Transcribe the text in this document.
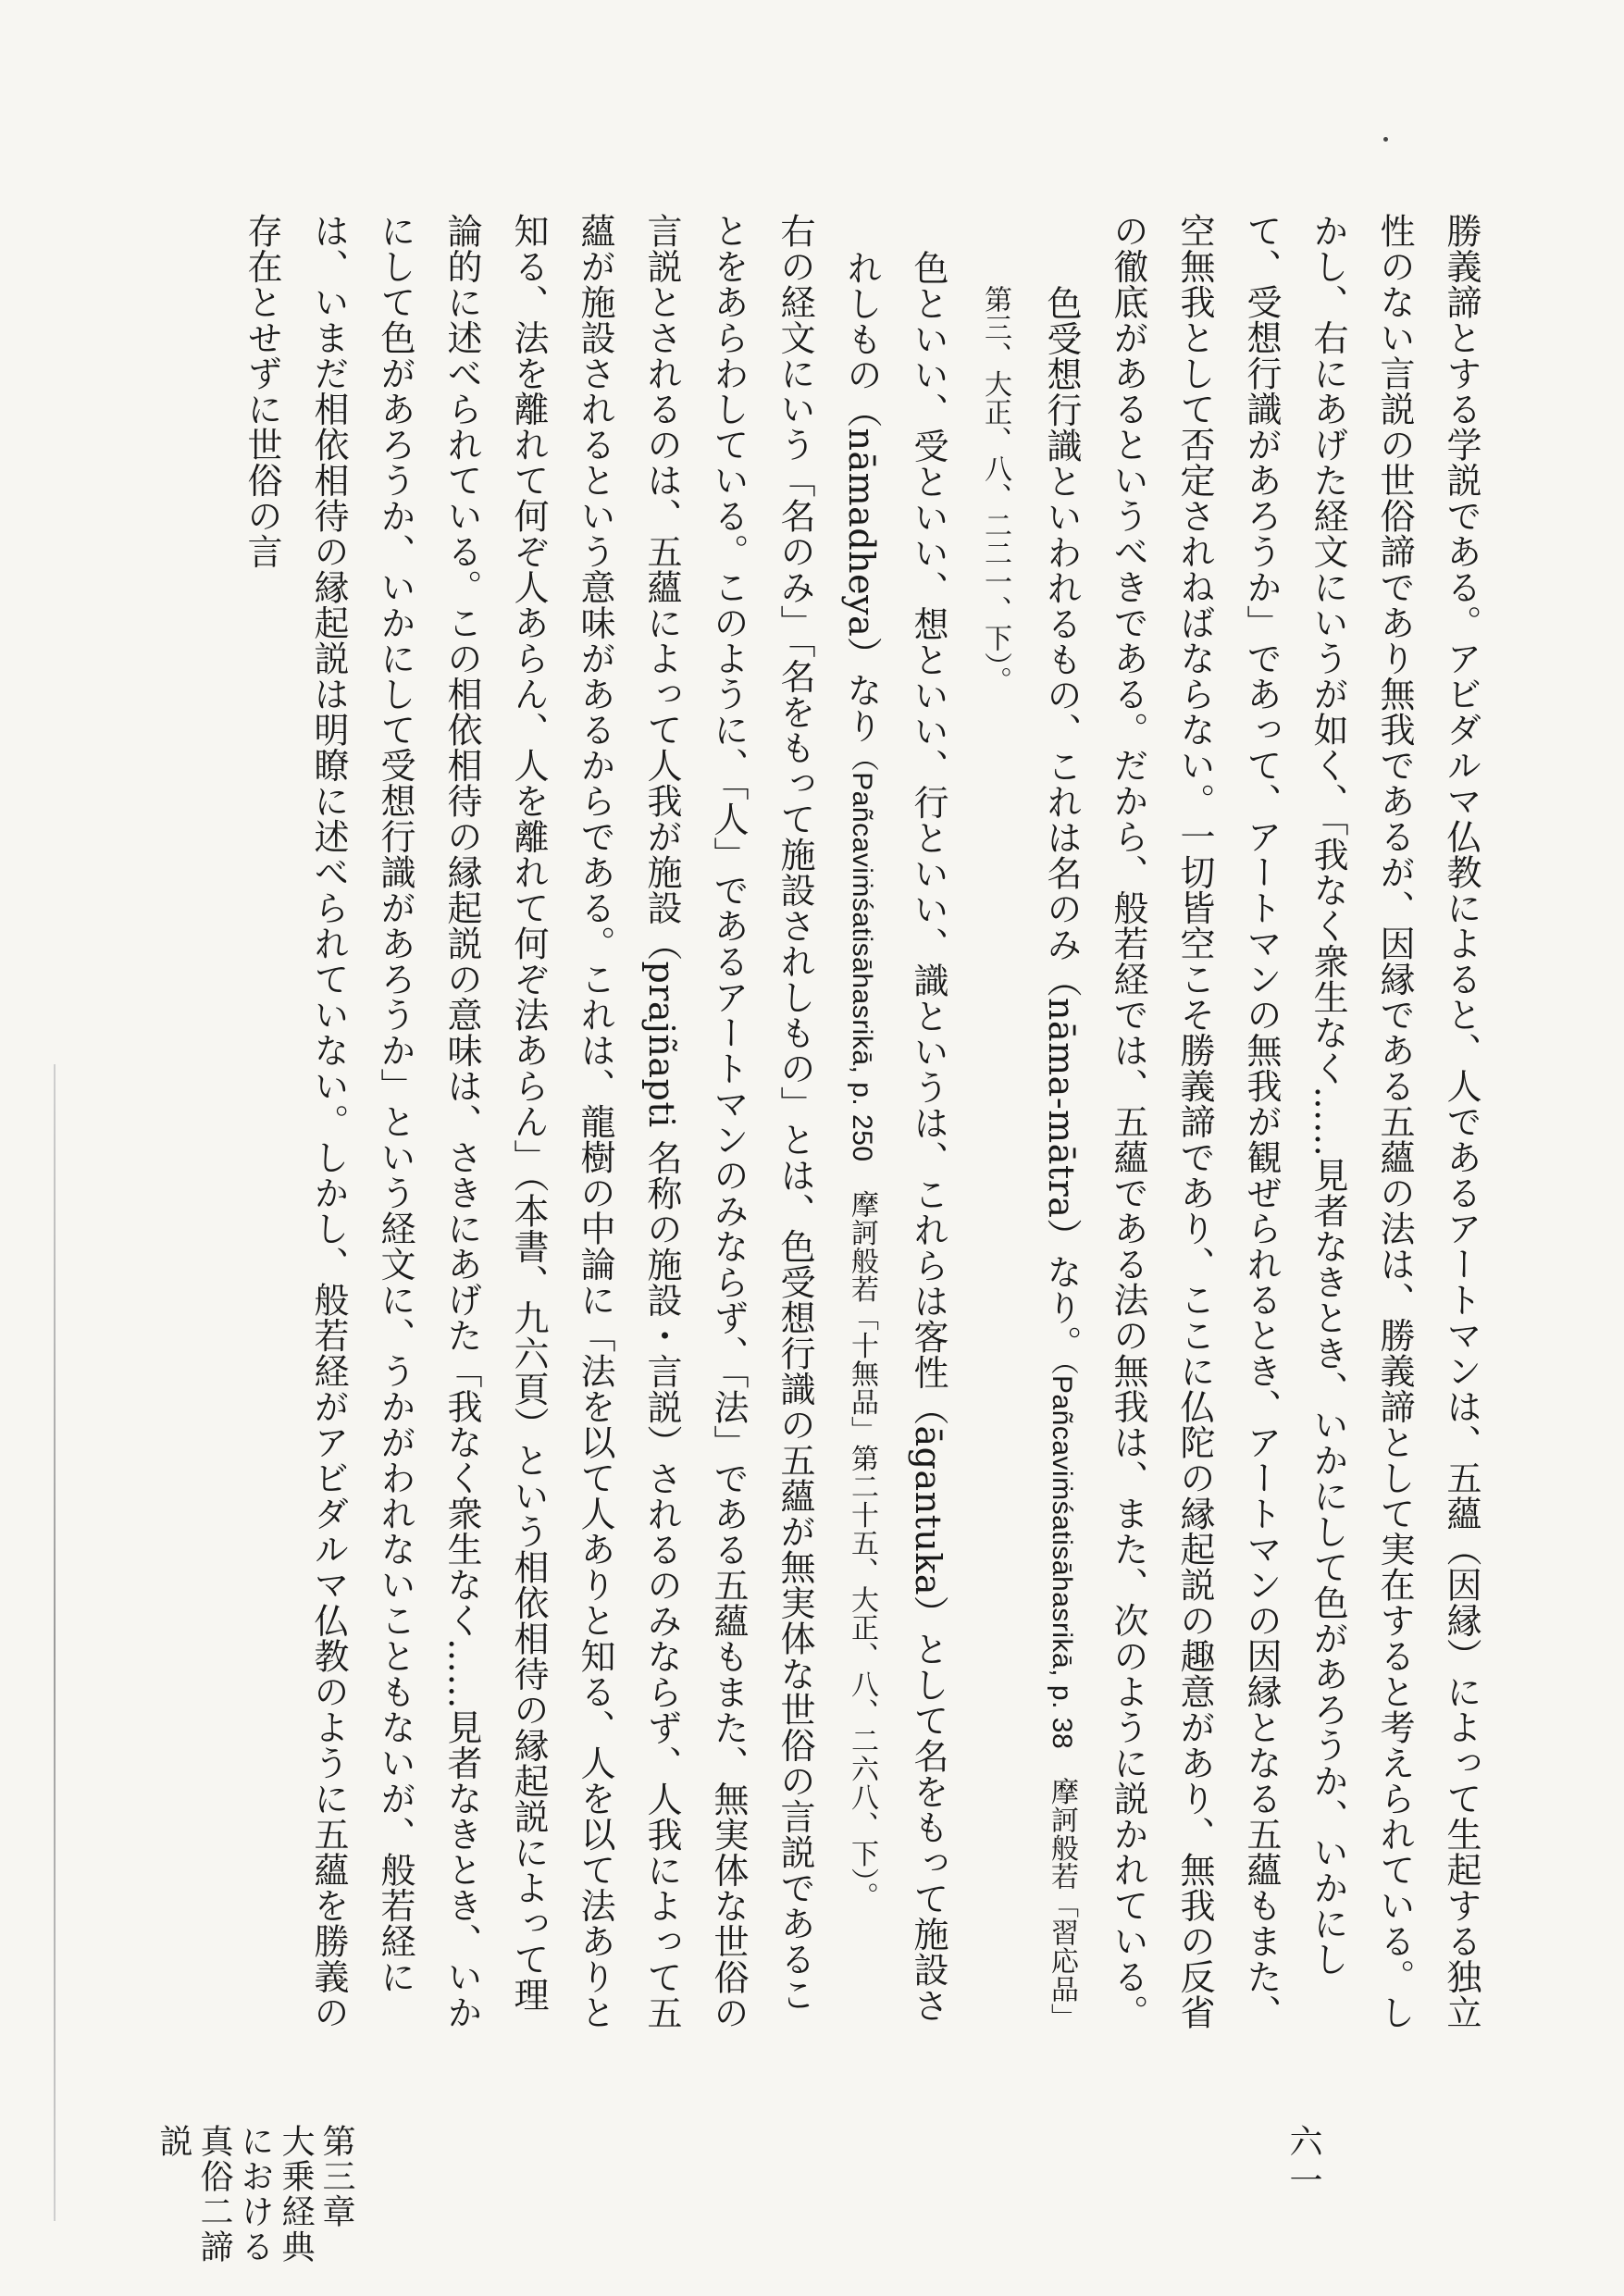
勝義諦とする学説である。アビダルマ仏教によると、人であるアートマンは、五蘊（因縁）によって生起する独立性のない言説の世俗諦であり無我であるが、因縁である五蘊の法は、勝義諦として実在すると考えられている。しかし、右にあげた経文にいうが如く、「我なく衆生なく……見者なきとき、いかにして色があろうか、いかにして、受想行識があろうか」であって、アートマンの無我が観ぜられるとき、アートマンの因縁となる五蘊もまた、空無我として否定されねばならない。一切皆空こそ勝義諦であり、ここに仏陀の縁起説の趣意があり、無我の反省の徹底があるというべきである。だから、般若経では、五蘊である法の無我は、また、次のように説かれている。

色受想行識といわれるもの、これは名のみ（nāma-mātra）なり。（Pañcaviṁśatisāhasrikā, p. 38　摩訶般若「習応品」第三、大正、八、二二一、下）。

色といい、受といい、想といい、行といい、識というは、これらは客性（āgantuka）として名をもって施設されしもの（nāmadheya）なり（Pañcaviṁśatisāhasrikā, p. 250　摩訶般若「十無品」第二十五、大正、八、二六八、下）。

右の経文にいう「名のみ」「名をもって施設されしもの」とは、色受想行識の五蘊が無実体な世俗の言説であることをあらわしている。このように、「人」であるアートマンのみならず、「法」である五蘊もまた、無実体な世俗の言説とされるのは、五蘊によって人我が施設（prajñapti 名称の施設・言説）されるのみならず、人我によって五蘊が施設されるという意味があるからである。これは、龍樹の中論に「法を以て人ありと知る、人を以て法ありと知る、法を離れて何ぞ人あらん、人を離れて何ぞ法あらん」（本書、九六頁）という相依相待の縁起説によって理論的に述べられている。この相依相待の縁起説の意味は、さきにあげた「我なく衆生なく……見者なきとき、いかにして色があろうか、いかにして受想行識があろうか」という経文に、うかがわれないこともないが、般若経には、いまだ相依相待の縁起説は明瞭に述べられていない。しかし、般若経がアビダルマ仏教のように五蘊を勝義の存在とせずに世俗の言

第三章　大乗経典における真俗二諦説	六一
